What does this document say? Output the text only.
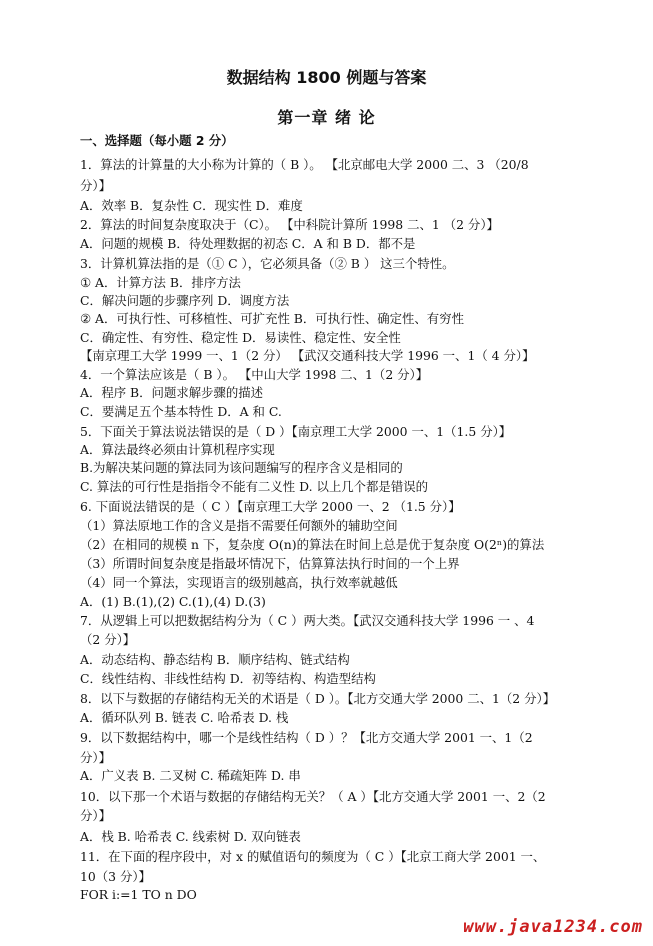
数据结构 1800 例题与答案
第一章 绪 论
一、选择题（每小题 2 分）
1．算法的计算量的大小称为计算的（ B ）。 【北京邮电大学 2000 二、3 （20/8
分）】
A．效率 B．复杂性 C．现实性 D．难度
2．算法的时间复杂度取决于（C）。 【中科院计算所 1998 二、1 （2 分）】
A．问题的规模 B．待处理数据的初态 C．A 和 B D．都不是
3．计算机算法指的是（① C ），它必须具备（② B ） 这三个特性。
① A．计算方法 B．排序方法
C．解决问题的步骤序列 D．调度方法
② A．可执行性、可移植性、可扩充性 B．可执行性、确定性、有穷性
C．确定性、有穷性、稳定性 D．易读性、稳定性、安全性
【南京理工大学 1999 一、1（2 分） 【武汉交通科技大学 1996 一、1（ 4 分）】
4．一个算法应该是（ B ）。 【中山大学 1998 二、1（2 分）】
A．程序 B．问题求解步骤的描述
C．要满足五个基本特性 D．A 和 C.
5．下面关于算法说法错误的是（ D ）【南京理工大学 2000 一、1（1.5 分）】
A．算法最终必须由计算机程序实现
B.为解决某问题的算法同为该问题编写的程序含义是相同的
C. 算法的可行性是指指令不能有二义性 D. 以上几个都是错误的
6. 下面说法错误的是（ C ）【南京理工大学 2000 一、2 （1.5 分）】
（1）算法原地工作的含义是指不需要任何额外的辅助空间
（2）在相同的规模 n 下，复杂度 O(n)的算法在时间上总是优于复杂度 O(2ⁿ)的算法
（3）所谓时间复杂度是指最坏情况下，估算算法执行时间的一个上界
（4）同一个算法，实现语言的级别越高，执行效率就越低
A．(1) B.(1),(2) C.(1),(4) D.(3)
7．从逻辑上可以把数据结构分为（ C ）两大类。【武汉交通科技大学 1996 一 、4
（2 分）】
A．动态结构、静态结构 B．顺序结构、链式结构
C．线性结构、非线性结构 D．初等结构、构造型结构
8．以下与数据的存储结构无关的术语是（ D ）。【北方交通大学 2000 二、1（2 分）】
A．循环队列 B. 链表 C. 哈希表 D. 栈
9．以下数据结构中，哪一个是线性结构（ D ）？【北方交通大学 2001 一、1（2
分）】
A．广义表 B. 二叉树 C. 稀疏矩阵 D. 串
10．以下那一个术语与数据的存储结构无关？（ A ）【北方交通大学 2001 一、2（2
分）】
A．栈 B. 哈希表 C. 线索树 D. 双向链表
11．在下面的程序段中，对 x 的赋值语句的频度为（ C ）【北京工商大学 2001 一、
10（3 分）】
FOR i:=1 TO n DO
www.java1234.com
